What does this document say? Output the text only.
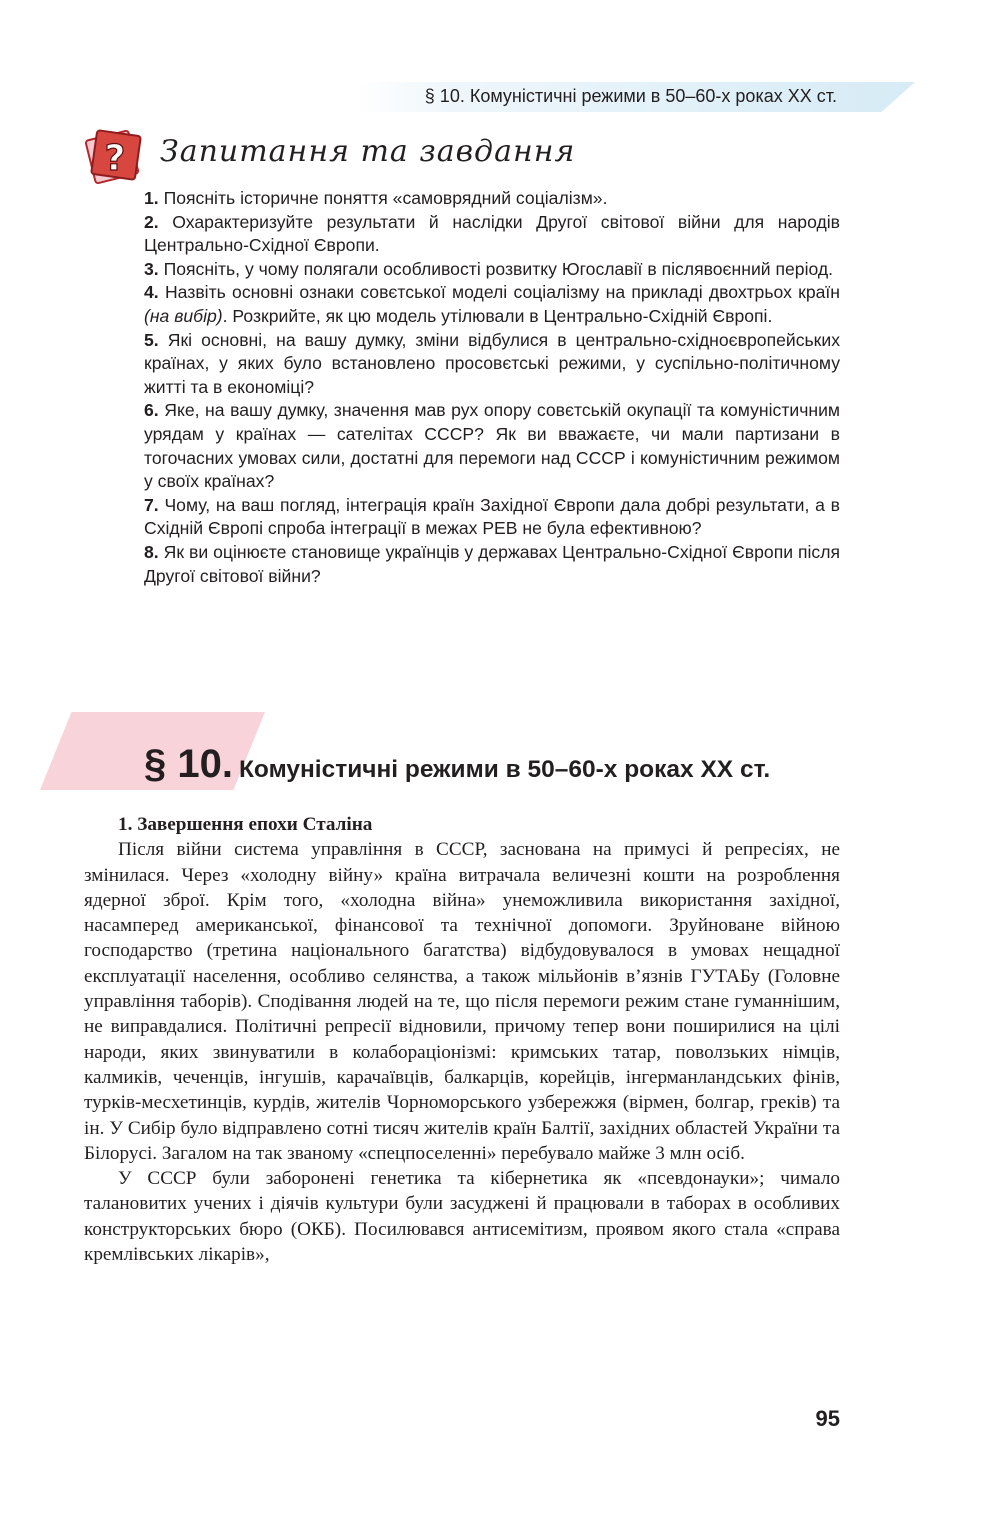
§ 10. Комуністичні режими в 50–60-х роках ХХ ст.
? Запитання та завдання

1. Поясніть історичне поняття «самоврядний соціалізм».

2. Охарактеризуйте результати й наслідки Другої світової війни для народів Центрально-Східної Європи.

3. Поясніть, у чому полягали особливості розвитку Югославії в післявоєнний період.

4. Назвіть основні ознаки совєтської моделі соціалізму на прикладі двохтрьох країн (на вибір). Розкрийте, як цю модель утілювали в Центрально-Східній Європі.

5. Які основні, на вашу думку, зміни відбулися в центрально-східноєвропейських країнах, у яких було встановлено просовєтські режими, у суспільно-політичному житті та в економіці?

6. Яке, на вашу думку, значення мав рух опору совєтській окупації та комуністичним урядам у країнах — сателітах СССР? Як ви вважаєте, чи мали партизани в тогочасних умовах сили, достатні для перемоги над СССР і комуністичним режимом у своїх країнах?

7. Чому, на ваш погляд, інтеграція країн Західної Європи дала добрі результати, а в Східній Європі спроба інтеграції в межах РЕВ не була ефективною?

8. Як ви оцінюєте становище українців у державах Центрально-Східної Європи після Другої світової війни?

§ 10. Комуністичні режими в 50–60-х роках ХХ ст.
1. Завершення епохи Сталіна

Після війни система управління в СССР, заснована на примусі й репресіях, не змінилася. Через «холодну війну» країна витрачала величезні кошти на розроблення ядерної зброї. Крім того, «холодна війна» унеможливила використання західної, насамперед американської, фінансової та технічної допомоги. Зруйноване війною господарство (третина національного багатства) відбудовувалося в умовах нещадної експлуатації населення, особливо селянства, а також мільйонів в’язнів ГУТАБу (Головне управління таборів). Сподівання людей на те, що після перемоги режим стане гуманнішим, не виправдалися. Політичні репресії відновили, причому тепер вони поширилися на цілі народи, яких звинуватили в колабораціонізмі: кримських татар, поволзьких німців, калмиків, чеченців, інгушів, карачаївців, балкарців, корейців, інгерманландських фінів, турків-месхетинців, курдів, жителів Чорноморського узбережжя (вірмен, болгар, греків) та ін. У Сибір було відправлено сотні тисяч жителів країн Балтії, західних областей України та Білорусі. Загалом на так званому «спецпоселенні» перебувало майже 3 млн осіб.

У СССР були заборонені генетика та кібернетика як «псевдонауки»; чимало талановитих учених і діячів культури були засуджені й працювали в таборах в особливих конструкторських бюро (ОКБ). Посилювався антисемітизм, проявом якого стала «справа кремлівських лікарів»,

95
